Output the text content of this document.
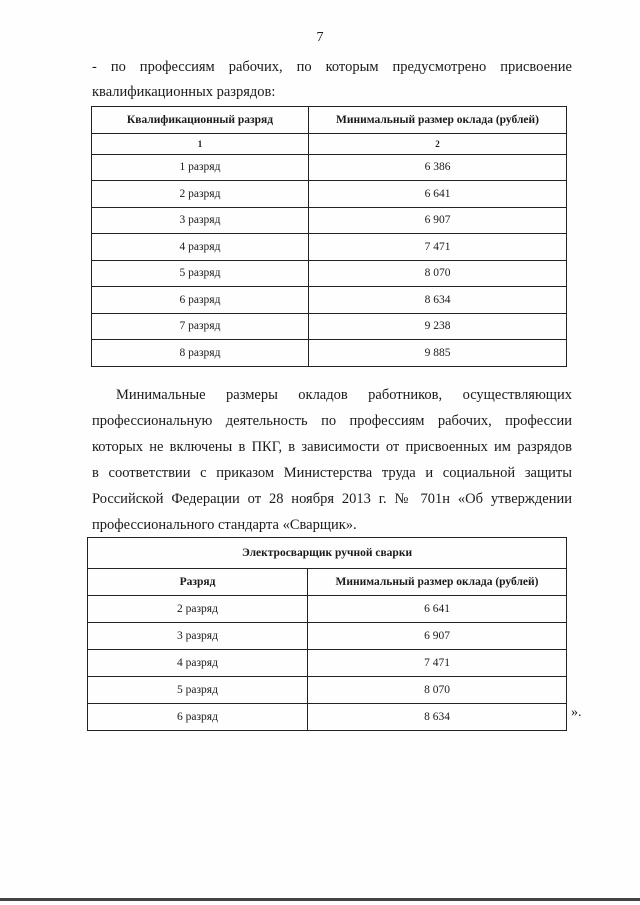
7
- по профессиям рабочих, по которым предусмотрено присвоение
квалификационных разрядов:
Квалификационный разряд	Минимальный размер оклада (рублей)
1	2
1 разряд	6 386
2 разряд	6 641
3 разряд	6 907
4 разряд	7 471
5 разряд	8 070
6 разряд	8 634
7 разряд	9 238
8 разряд	9 885
Минимальные размеры окладов работников, осуществляющих
профессиональную деятельность по профессиям рабочих, профессии
которых не включены в ПКГ, в зависимости от присвоенных им разрядов
в соответствии с приказом Министерства труда и социальной защиты
Российской Федерации от 28 ноября 2013 г. № 701н «Об утверждении
профессионального стандарта «Сварщик».
Электросварщик ручной сварки	
Разряд	Минимальный размер оклада (рублей)
2 разряд	6 641
3 разряд	6 907
4 разряд	7 471
5 разряд	8 070
6 разряд	8 634	».
